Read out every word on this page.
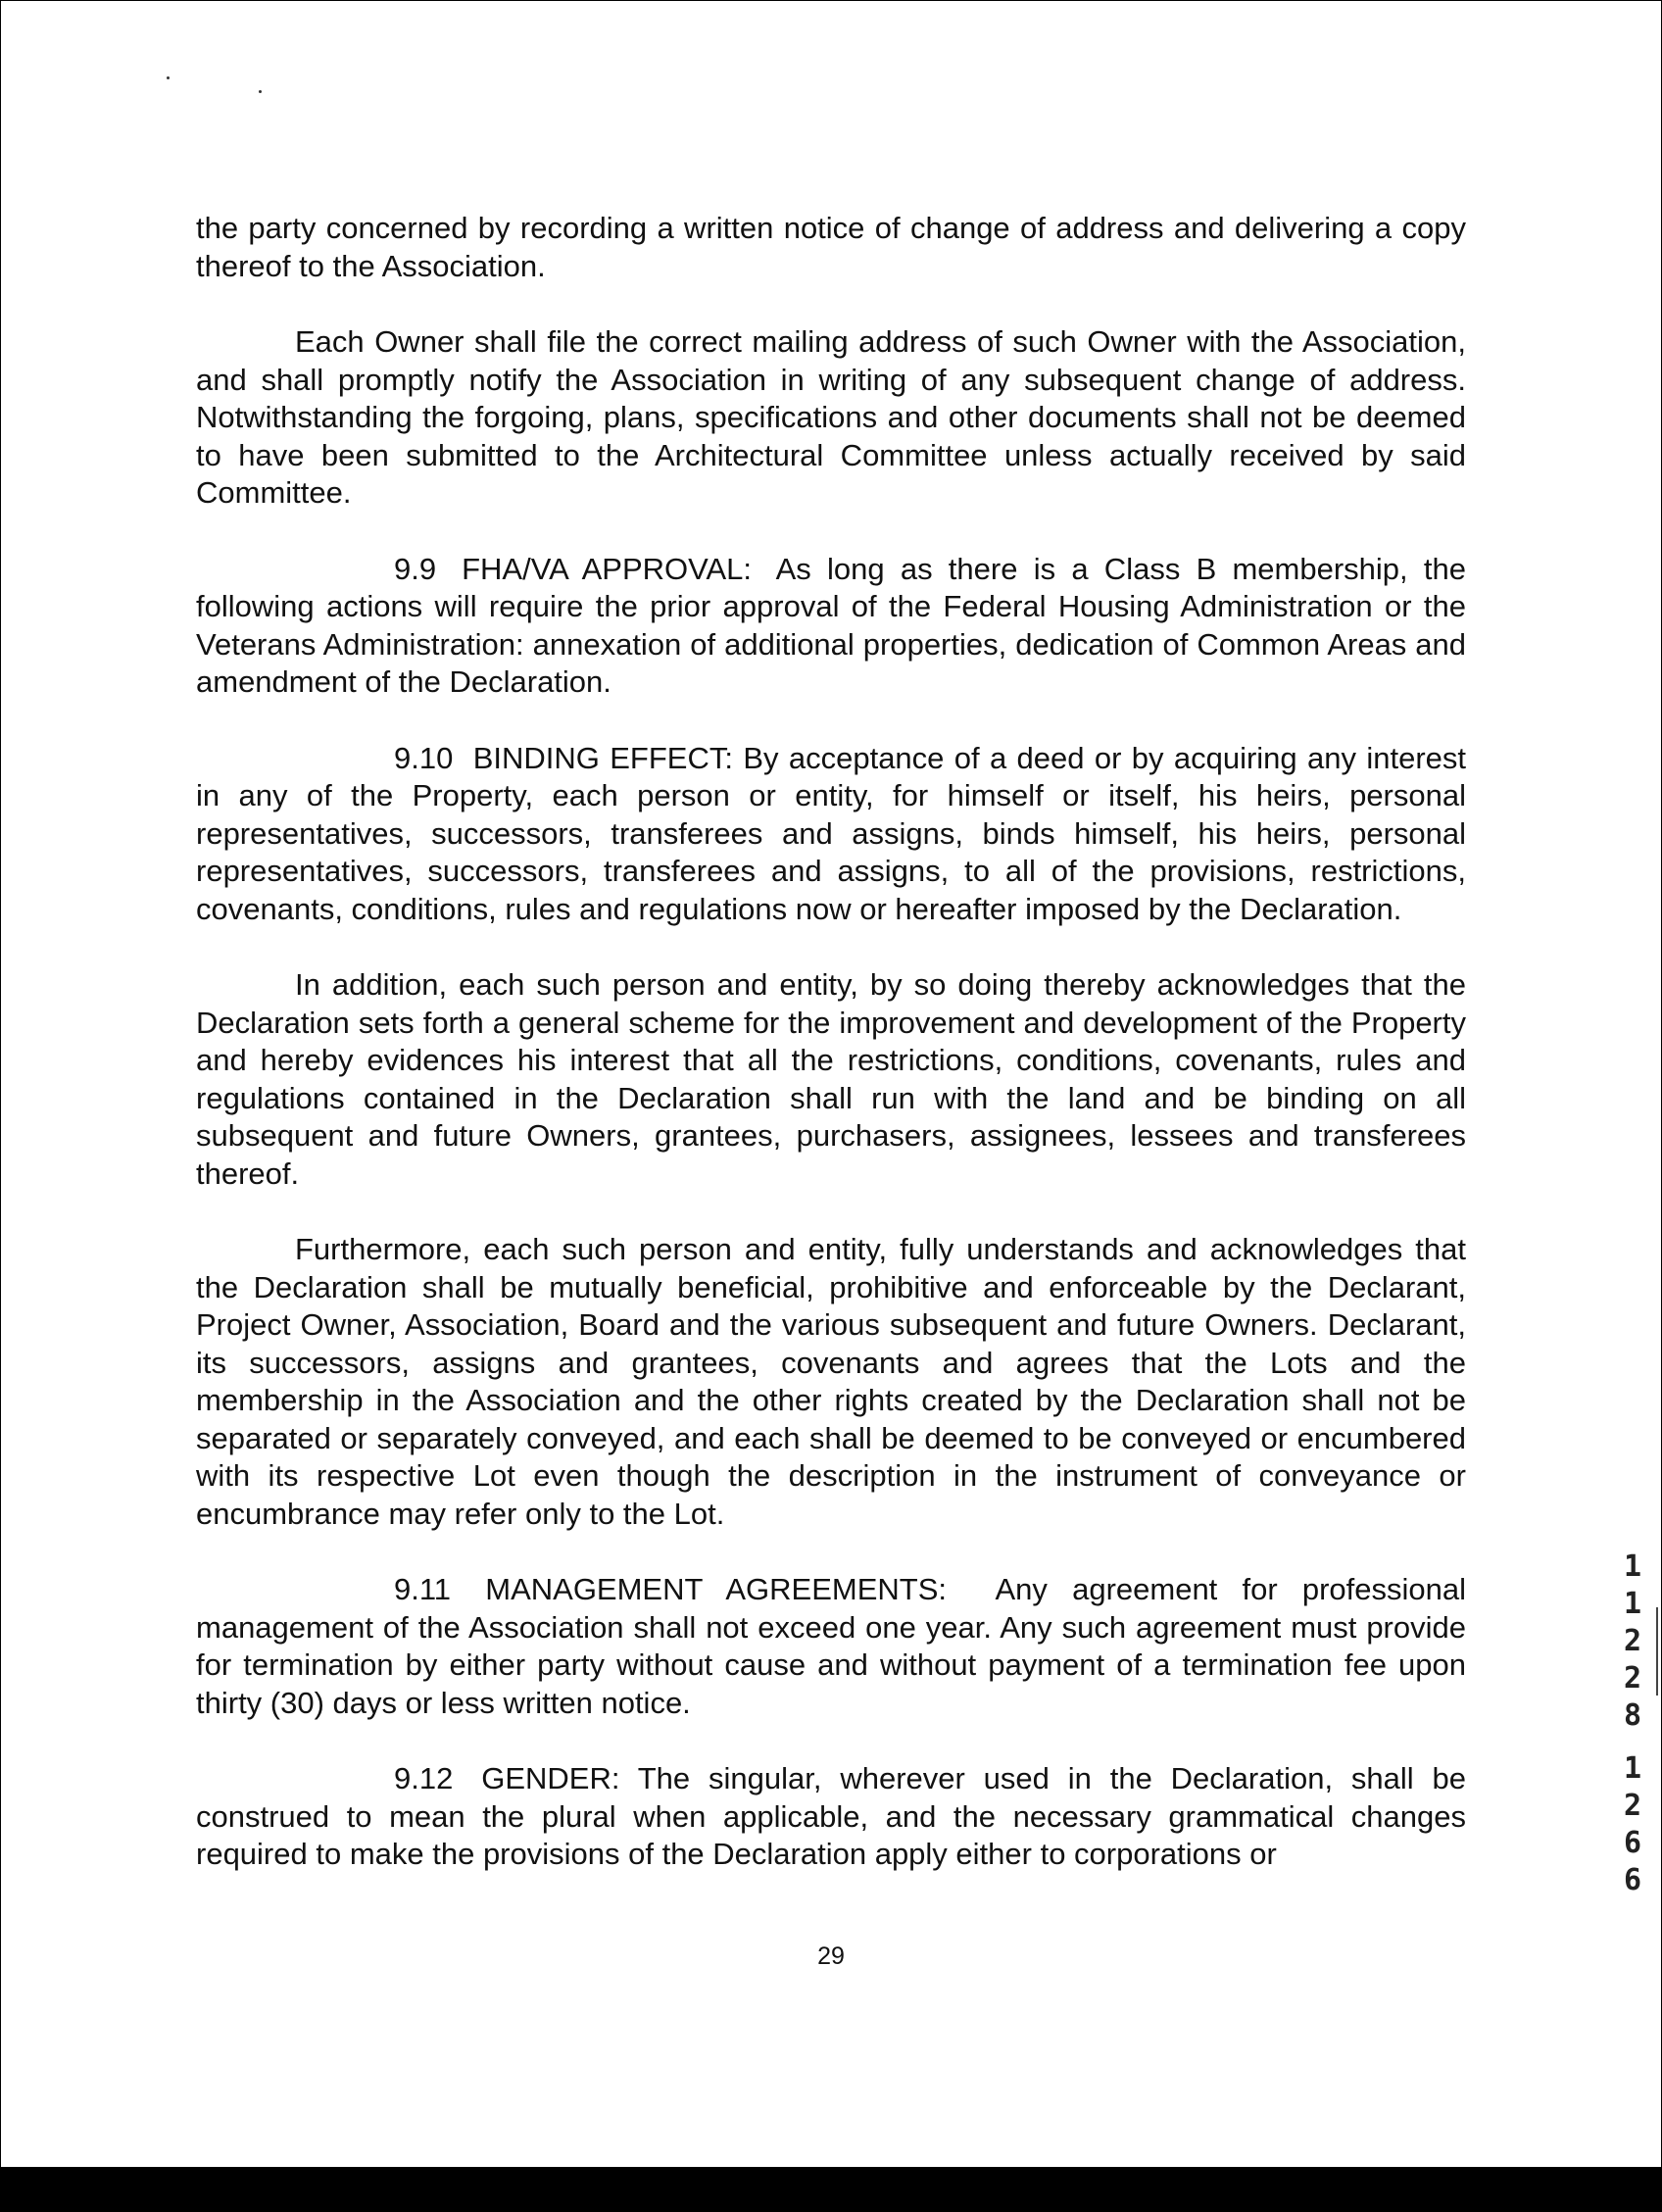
the party concerned by recording a written notice of change of address and delivering a copy thereof to the Association.

Each Owner shall file the correct mailing address of such Owner with the Association, and shall promptly notify the Association in writing of any subsequent change of address. Notwithstanding the forgoing, plans, specifications and other documents shall not be deemed to have been submitted to the Architectural Committee unless actually received by said Committee.

9.9 FHA/VA APPROVAL: As long as there is a Class B membership, the following actions will require the prior approval of the Federal Housing Administration or the Veterans Administration: annexation of additional properties, dedication of Common Areas and amendment of the Declaration.

9.10 BINDING EFFECT: By acceptance of a deed or by acquiring any interest in any of the Property, each person or entity, for himself or itself, his heirs, personal representatives, successors, transferees and assigns, binds himself, his heirs, personal representatives, successors, transferees and assigns, to all of the provisions, restrictions, covenants, conditions, rules and regulations now or hereafter imposed by the Declaration.

In addition, each such person and entity, by so doing thereby acknowledges that the Declaration sets forth a general scheme for the improvement and development of the Property and hereby evidences his interest that all the restrictions, conditions, covenants, rules and regulations contained in the Declaration shall run with the land and be binding on all subsequent and future Owners, grantees, purchasers, assignees, lessees and transferees thereof.

Furthermore, each such person and entity, fully understands and acknowledges that the Declaration shall be mutually beneficial, prohibitive and enforceable by the Declarant, Project Owner, Association, Board and the various subsequent and future Owners. Declarant, its successors, assigns and grantees, covenants and agrees that the Lots and the membership in the Association and the other rights created by the Declaration shall not be separated or separately conveyed, and each shall be deemed to be conveyed or encumbered with its respective Lot even though the description in the instrument of conveyance or encumbrance may refer only to the Lot.

9.11 MANAGEMENT AGREEMENTS: Any agreement for professional management of the Association shall not exceed one year. Any such agreement must provide for termination by either party without cause and without payment of a termination fee upon thirty (30) days or less written notice.

9.12 GENDER: The singular, wherever used in the Declaration, shall be construed to mean the plural when applicable, and the necessary grammatical changes required to make the provisions of the Declaration apply either to corporations or

29
1
1
2
2
8
1
2
6
6
